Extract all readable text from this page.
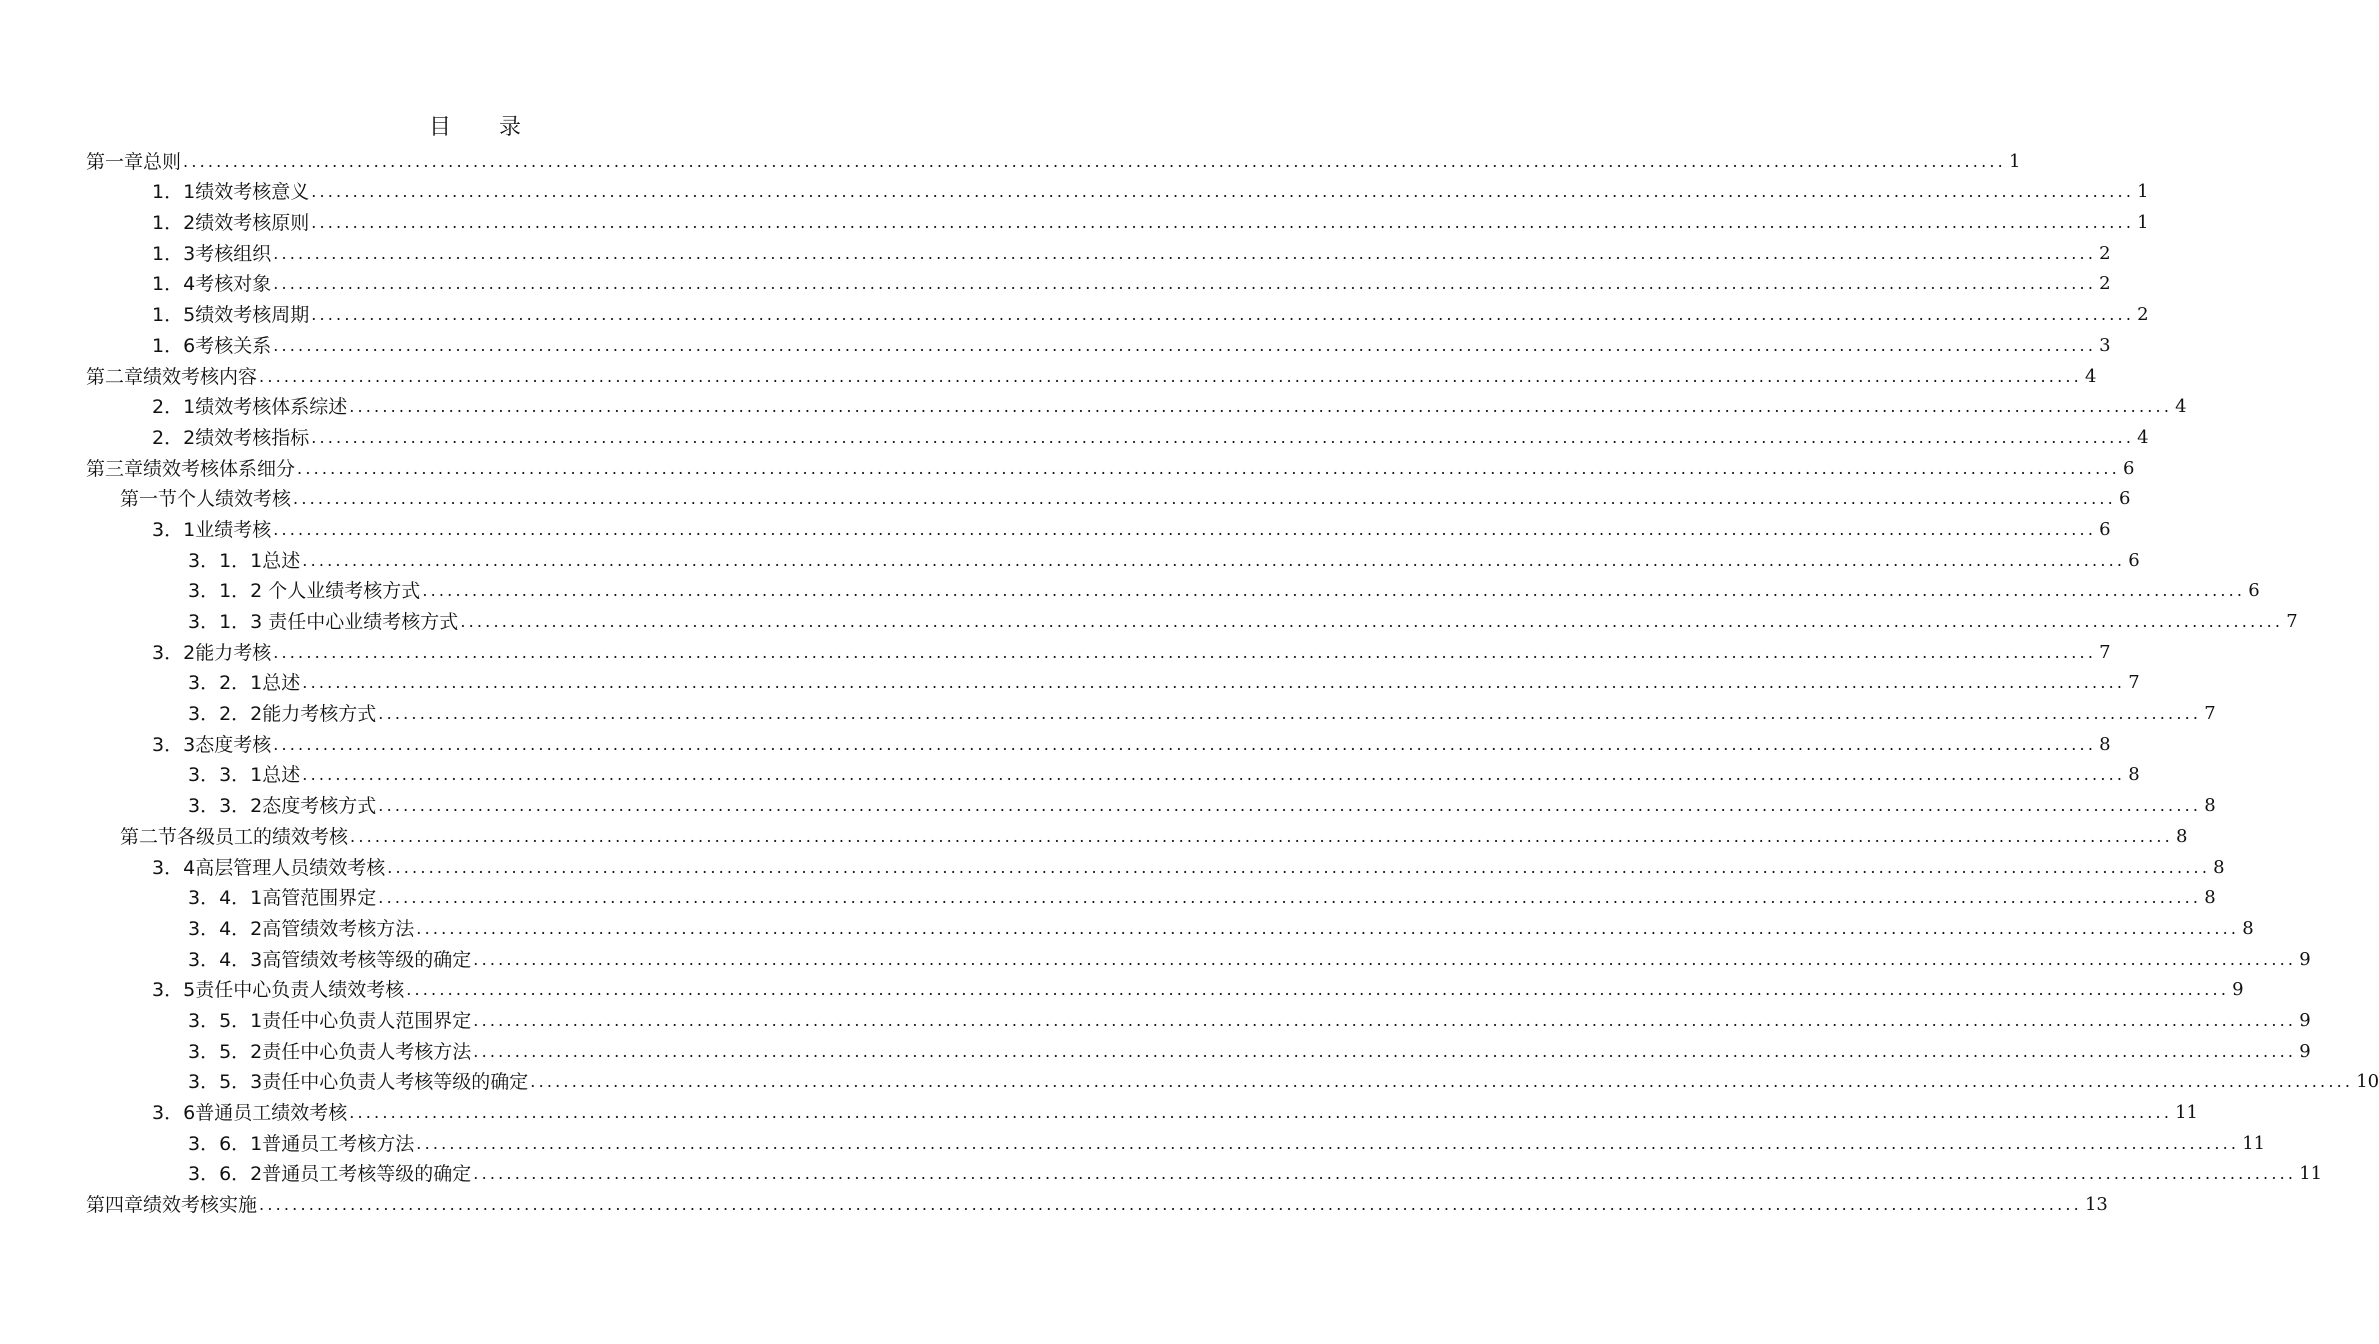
目 录
第一章 总则 ............................................................................................................................................................................................................................ 1
1．1 绩效考核意义 ............................................................................................................................................................................................................................ 1
1．2 绩效考核原则 ............................................................................................................................................................................................................................ 1
1．3 考核组织 ............................................................................................................................................................................................................................ 2
1．4 考核对象 ............................................................................................................................................................................................................................ 2
1．5 绩效考核周期 ............................................................................................................................................................................................................................ 2
1．6 考核关系 ............................................................................................................................................................................................................................ 3
第二章 绩效考核内容 ............................................................................................................................................................................................................................ 4
2．1 绩效考核体系综述 ............................................................................................................................................................................................................................ 4
2．2 绩效考核指标 ............................................................................................................................................................................................................................ 4
第三章 绩效考核体系细分 ............................................................................................................................................................................................................................ 6
第一节 个人绩效考核 ............................................................................................................................................................................................................................ 6
3．1 业绩考核 ............................................................................................................................................................................................................................ 6
3．1．1 总述 ............................................................................................................................................................................................................................ 6
3．1．2 个人业绩考核方式 ............................................................................................................................................................................................................................ 6
3．1．3 责任中心业绩考核方式 ............................................................................................................................................................................................................................ 7
3．2 能力考核 ............................................................................................................................................................................................................................ 7
3．2．1 总述 ............................................................................................................................................................................................................................ 7
3．2．2 能力考核方式 ............................................................................................................................................................................................................................ 7
3．3 态度考核 ............................................................................................................................................................................................................................ 8
3．3．1 总述 ............................................................................................................................................................................................................................ 8
3．3．2 态度考核方式 ............................................................................................................................................................................................................................ 8
第二节 各级员工的绩效考核 ............................................................................................................................................................................................................................ 8
3．4 高层管理人员绩效考核 ............................................................................................................................................................................................................................ 8
3．4．1 高管范围界定 ............................................................................................................................................................................................................................ 8
3．4．2 高管绩效考核方法 ............................................................................................................................................................................................................................ 8
3．4．3 高管绩效考核等级的确定 ............................................................................................................................................................................................................................ 9
3．5 责任中心负责人绩效考核 ............................................................................................................................................................................................................................ 9
3．5．1 责任中心负责人范围界定 ............................................................................................................................................................................................................................ 9
3．5．2 责任中心负责人考核方法 ............................................................................................................................................................................................................................ 9
3．5．3 责任中心负责人考核等级的确定 ............................................................................................................................................................................................................................ 10
3．6 普通员工绩效考核 ............................................................................................................................................................................................................................ 11
3．6．1 普通员工考核方法 ............................................................................................................................................................................................................................ 11
3．6．2 普通员工考核等级的确定 ............................................................................................................................................................................................................................ 11
第四章 绩效考核实施 ............................................................................................................................................................................................................................ 13
